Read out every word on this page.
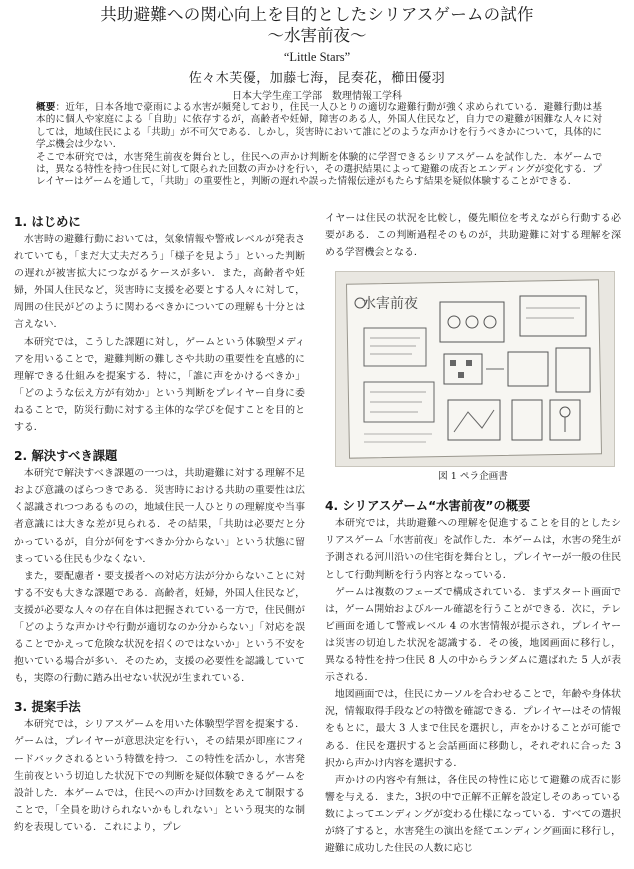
共助避難への関心向上を目的としたシリアスゲームの試作
～水害前夜～
“Little Stars”
佐々木芙優，加藤七海，昆奏花，櫛田優羽
日本大学生産工学部　数理情報工学科

概要：近年，日本各地で豪雨による水害が頻発しており，住民一人ひとりの適切な避難行動が強く求められている．避難行動は基本的に個人や家庭による「自助」に依存するが，高齢者や妊婦，障害のある人，外国人住民など，自力での避難が困難な人々に対しては，地域住民による「共助」が不可欠である．しかし，災害時において誰にどのような声かけを行うべきかについて，具体的に学ぶ機会は少ない．

そこで本研究では，水害発生前夜を舞台とし，住民への声かけ判断を体験的に学習できるシリアスゲームを試作した．本ゲームでは，異なる特性を持つ住民に対して限られた回数の声かけを行い，その選択結果によって避難の成否とエンディングが変化する．プレイヤーはゲームを通して，「共助」の重要性と，判断の遅れや誤った情報伝達がもたらす結果を疑似体験することができる．

1. はじめに

水害時の避難行動においては，気象情報や警戒レベルが発表されていても，「まだ大丈夫だろう」「様子を見よう」といった判断の遅れが被害拡大につながるケースが多い．また，高齢者や妊婦，外国人住民など，災害時に支援を必要とする人々に対して，周囲の住民がどのように関わるべきかについての理解も十分とは言えない．

本研究では，こうした課題に対し，ゲームという体験型メディアを用いることで，避難判断の難しさや共助の重要性を直感的に理解できる仕組みを提案する．特に，「誰に声をかけるべきか」「どのような伝え方が有効か」という判断をプレイヤー自身に委ねることで，防災行動に対する主体的な学びを促すことを目的とする．

2. 解決すべき課題

本研究で解決すべき課題の一つは，共助避難に対する理解不足および意識のばらつきである．災害時における共助の重要性は広く認識されつつあるものの，地域住民一人ひとりの理解度や当事者意識には大きな差が見られる．その結果，「共助は必要だと分かっているが，自分が何をすべきか分からない」という状態に留まっている住民も少なくない．

また，要配慮者・要支援者への対応方法が分からないことに対する不安も大きな課題である．高齢者，妊婦，外国人住民など，支援が必要な人々の存在自体は把握されている一方で，住民側が「どのような声かけや行動が適切なのか分からない」「対応を誤ることでかえって危険な状況を招くのではないか」という不安を抱いている場合が多い．そのため，支援の必要性を認識していても，実際の行動に踏み出せない状況が生まれている．

3. 提案手法

本研究では，シリアスゲームを用いた体験型学習を提案する．ゲームは，プレイヤーが意思決定を行い，その結果が即座にフィードバックされるという特徴を持つ．この特性を活かし，水害発生前夜という切迫した状況下での判断を疑似体験できるゲームを設計した．本ゲームでは，住民への声かけ回数をあえて制限することで，「全員を助けられないかもしれない」という現実的な制約を表現している．これにより，プレ

イヤーは住民の状況を比較し，優先順位を考えながら行動する必要がある．この判断過程そのものが，共助避難に対する理解を深める学習機会となる．

水害前夜
図 1 ペラ企画書
4. シリアスゲーム“水害前夜”の概要

本研究では，共助避難への理解を促進することを目的としたシリアスゲーム「水害前夜」を試作した．本ゲームは，水害の発生が予測される河川沿いの住宅街を舞台とし，プレイヤーが一般の住民として行動判断を行う内容となっている．

ゲームは複数のフェーズで構成されている．まずスタート画面では，ゲーム開始およびルール確認を行うことができる．次に，テレビ画面を通して警戒レベル 4 の水害情報が提示され，プレイヤーは災害の切迫した状況を認識する．その後，地図画面に移行し，異なる特性を持つ住民 8 人の中からランダムに選ばれた 5 人が表示される．

地図画面では，住民にカーソルを合わせることで，年齢や身体状況，情報取得手段などの特徴を確認できる．プレイヤーはその情報をもとに，最大 3 人まで住民を選択し，声をかけることが可能である．住民を選択すると会話画面に移動し，それぞれに合った 3 択から声かけ内容を選択する．

声かけの内容や有無は，各住民の特性に応じて避難の成否に影響を与える．また，3択の中で正解不正解を設定しそのあっている数によってエンディングが変わる仕様になっている．すべての選択が終了すると，水害発生の演出を経てエンディング画面に移行し，避難に成功した住民の人数に応じ
